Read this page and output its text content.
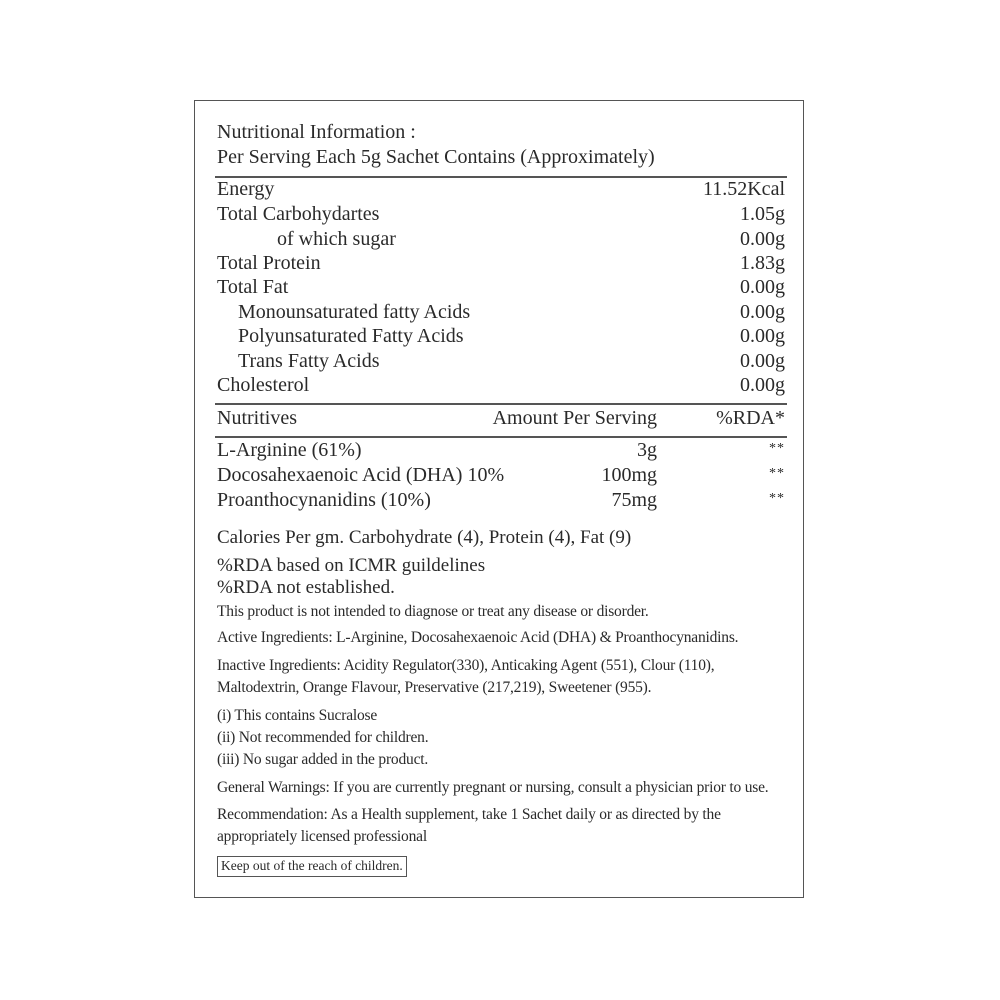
Nutritional Information :
Per Serving Each 5g Sachet Contains (Approximately)
Energy	11.52Kcal
Total Carbohydartes	1.05g
of which sugar	0.00g
Total Protein	1.83g
Total Fat	0.00g
Monounsaturated fatty Acids	0.00g
Polyunsaturated Fatty Acids	0.00g
Trans Fatty Acids	0.00g
Cholesterol	0.00g
Nutritives	Amount Per Serving	%RDA*
L-Arginine (61%)	3g	**
Docosahexaenoic Acid (DHA) 10%	100mg	**
Proanthocynanidins (10%)	75mg	**
Calories Per gm. Carbohydrate (4), Protein (4), Fat (9)
%RDA based on ICMR guildelines
%RDA not established.
This product is not intended to diagnose or treat any disease or disorder.
Active Ingredients: L-Arginine, Docosahexaenoic Acid (DHA) & Proanthocynanidins.
Inactive Ingredients: Acidity Regulator(330), Anticaking Agent (551), Clour (110),
Maltodextrin, Orange Flavour, Preservative (217,219), Sweetener (955).
(i) This contains Sucralose
(ii) Not recommended for children.
(iii) No sugar added in the product.
General Warnings: If you are currently pregnant or nursing, consult a physician prior to use.
Recommendation: As a Health supplement, take 1 Sachet daily or as directed by the
appropriately licensed professional
Keep out of the reach of children.
